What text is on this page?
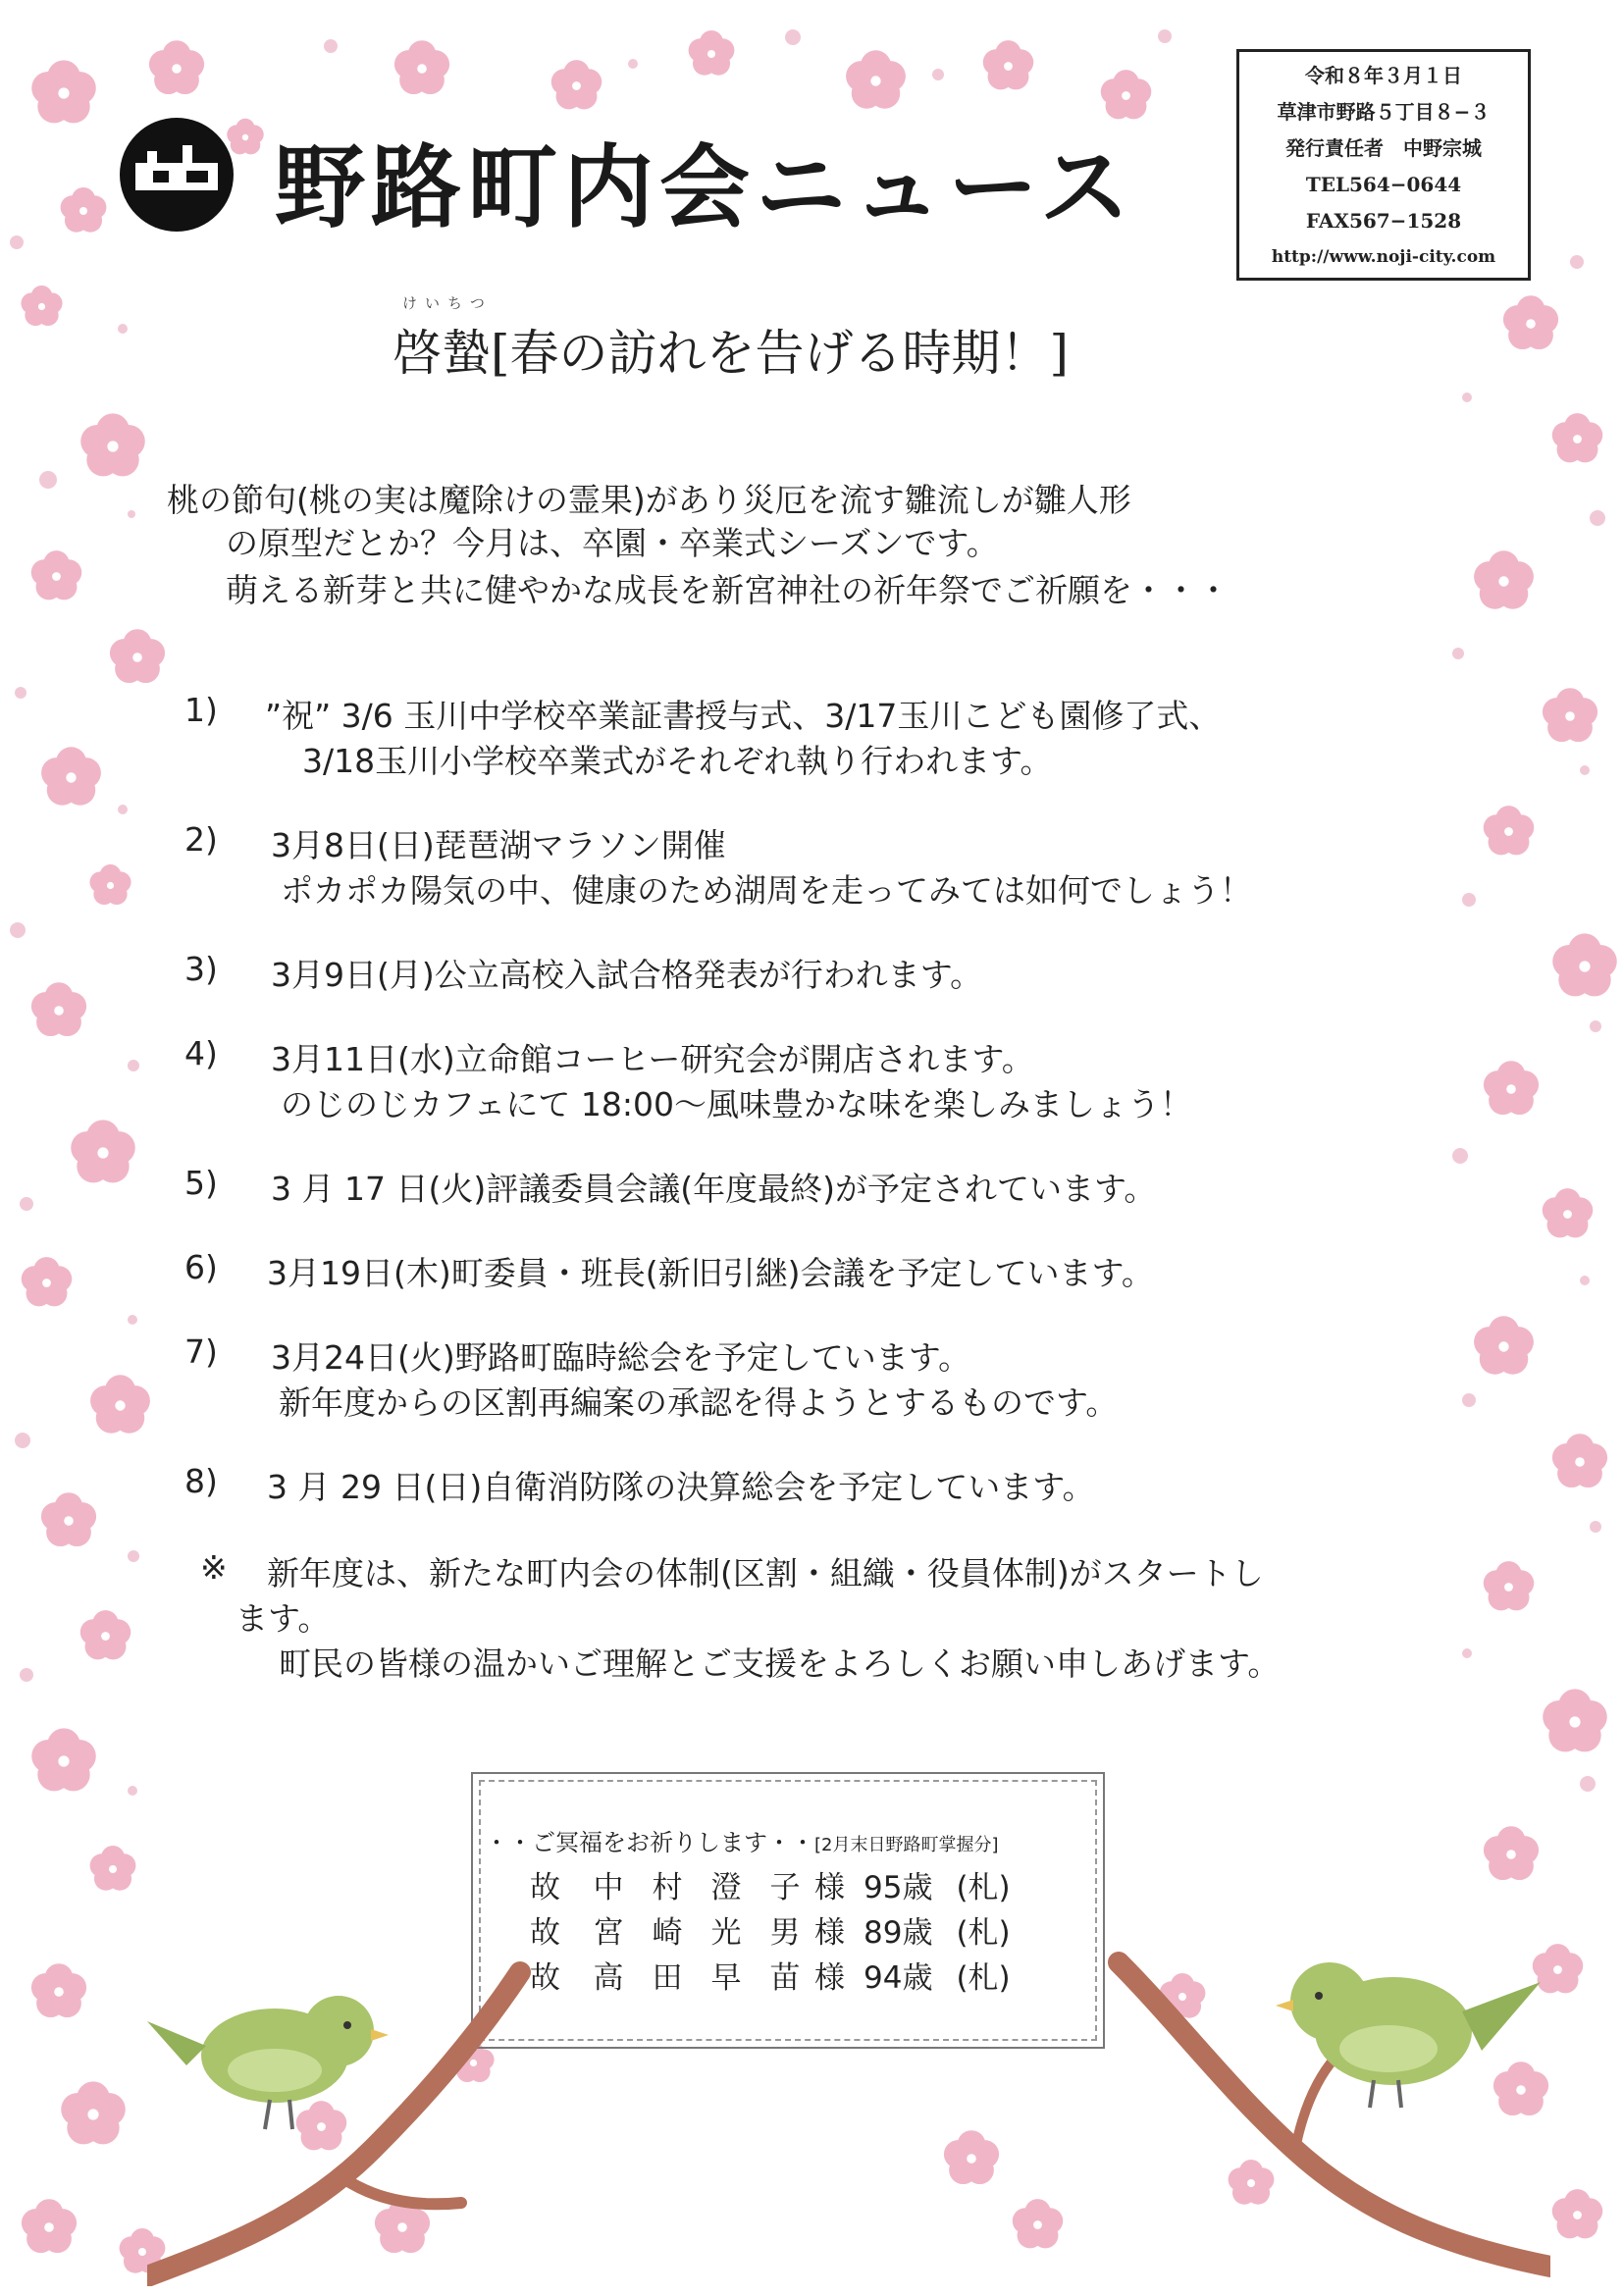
野路町内会ニュース
令和８年３月１日
草津市野路５丁目８−３
発行責任者　中野宗城
TEL564−0644
FAX567−1528
http://www.noji-city.com
けいちつ
啓蟄[春の訪れを告げる時期！]
桃の節句(桃の実は魔除けの霊果)があり災厄を流す雛流しが雛人形
の原型だとか？今月は、卒園・卒業式シーズンです。
萌える新芽と共に健やかな成長を新宮神社の祈年祭でご祈願を・・・
1) ”祝” 3/6 玉川中学校卒業証書授与式、3/17玉川こども園修了式、
3/18玉川小学校卒業式がそれぞれ執り行われます。
2) 3月8日(日)琵琶湖マラソン開催
ポカポカ陽気の中、健康のため湖周を走ってみては如何でしょう！
3) 3月9日(月)公立高校入試合格発表が行われます。
4) 3月11日(水)立命館コーヒー研究会が開店されます。
のじのじカフェにて 18:00〜風味豊かな味を楽しみましょう！
5) 3 月 17 日(火)評議委員会議(年度最終)が予定されています。
6) 3月19日(木)町委員・班長(新旧引継)会議を予定しています。
7) 3月24日(火)野路町臨時総会を予定しています。
新年度からの区割再編案の承認を得ようとするものです。
8) 3 月 29 日(日)自衛消防隊の決算総会を予定しています。
※ 新年度は、新たな町内会の体制(区割・組織・役員体制)がスタートし
ます。
町民の皆様の温かいご理解とご支援をよろしくお願い申しあげます。
・・ご冥福をお祈りします・・[2月末日野路町掌握分]
故 中 村 澄 子 様 95歳 (札)
故 宮 崎 光 男 様 89歳 (札)
故 高 田 早 苗 様 94歳 (札)
